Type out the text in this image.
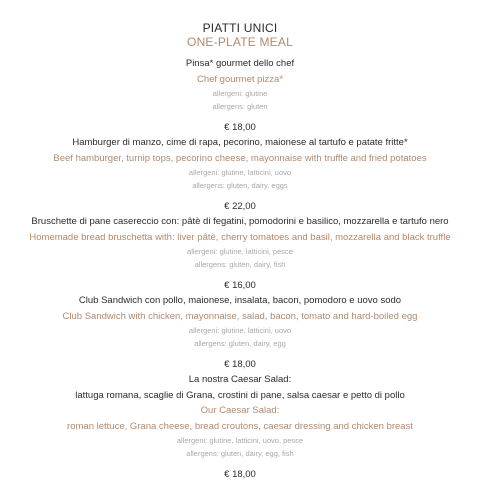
PIATTI UNICI
ONE-PLATE MEAL
Pinsa* gourmet dello chef
Chef gourmet pizza*
allergeni: glutine
allergens: gluten
€ 18,00
Hamburger di manzo, cime di rapa, pecorino, maionese al tartufo e patate fritte*
Beef hamburger, turnip tops, pecorino cheese, mayonnaise with truffle and fried potatoes
allergeni: glutine, latticini, uovo
allergens: gluten, dairy, eggs
€ 22,00
Bruschette di pane casereccio con: pâtè di fegatini, pomodorini e basilico, mozzarella e tartufo nero
Homemade bread bruschetta with: liver pâtè, cherry tomatoes and basil, mozzarella and black truffle
allergeni: glutine, latticini, pesce
allergens: gluten, dairy, fish
€ 16,00
Club Sandwich con pollo, maionese, insalata, bacon, pomodoro e uovo sodo
Club Sandwich with chicken, mayonnaise, salad, bacon, tomato and hard-boiled egg
allergeni: glutine, latticini, uovo
allergens: gluten, dairy, egg
€ 18,00
La nostra Caesar Salad:
lattuga romana, scaglie di Grana, crostini di pane, salsa caesar e petto di pollo
Our Caesar Salad:
roman lettuce, Grana cheese, bread croutons, caesar dressing and chicken breast
allergeni: glutine, latticini, uovo, pesce
allergens: gluten, dairy, egg, fish
€ 18,00
